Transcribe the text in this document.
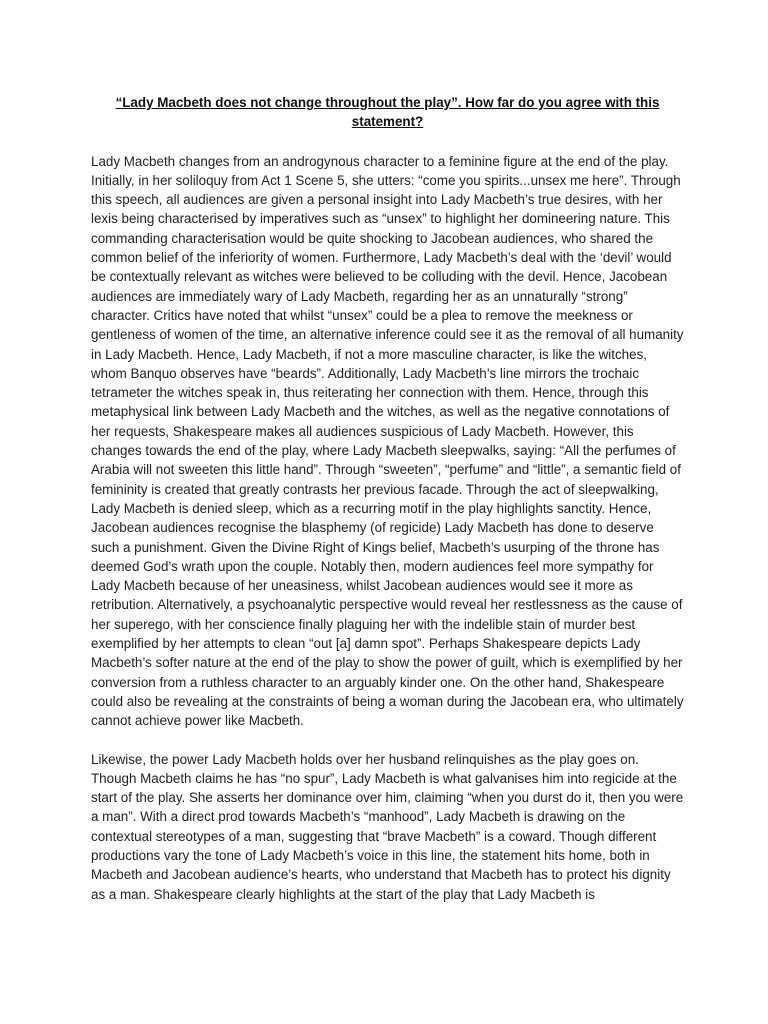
“Lady Macbeth does not change throughout the play”. How far do you agree with this statement?

Lady Macbeth changes from an androgynous character to a feminine figure at the end of the play. Initially, in her soliloquy from Act 1 Scene 5, she utters: “come you spirits...unsex me here”. Through this speech, all audiences are given a personal insight into Lady Macbeth’s true desires, with her lexis being characterised by imperatives such as “unsex” to highlight her domineering nature. This commanding characterisation would be quite shocking to Jacobean audiences, who shared the common belief of the inferiority of women. Furthermore, Lady Macbeth’s deal with the ‘devil’ would be contextually relevant as witches were believed to be colluding with the devil. Hence, Jacobean audiences are immediately wary of Lady Macbeth, regarding her as an unnaturally “strong” character. Critics have noted that whilst “unsex” could be a plea to remove the meekness or gentleness of women of the time, an alternative inference could see it as the removal of all humanity in Lady Macbeth. Hence, Lady Macbeth, if not a more masculine character, is like the witches, whom Banquo observes have “beards”. Additionally, Lady Macbeth’s line mirrors the trochaic tetrameter the witches speak in, thus reiterating her connection with them. Hence, through this metaphysical link between Lady Macbeth and the witches, as well as the negative connotations of her requests, Shakespeare makes all audiences suspicious of Lady Macbeth. However, this changes towards the end of the play, where Lady Macbeth sleepwalks, saying: “All the perfumes of Arabia will not sweeten this little hand”. Through “sweeten”, “perfume” and “little”, a semantic field of femininity is created that greatly contrasts her previous facade. Through the act of sleepwalking, Lady Macbeth is denied sleep, which as a recurring motif in the play highlights sanctity. Hence, Jacobean audiences recognise the blasphemy (of regicide) Lady Macbeth has done to deserve such a punishment. Given the Divine Right of Kings belief, Macbeth’s usurping of the throne has deemed God’s wrath upon the couple. Notably then, modern audiences feel more sympathy for Lady Macbeth because of her uneasiness, whilst Jacobean audiences would see it more as retribution. Alternatively, a psychoanalytic perspective would reveal her restlessness as the cause of her superego, with her conscience finally plaguing her with the indelible stain of murder best exemplified by her attempts to clean “out [a] damn spot”. Perhaps Shakespeare depicts Lady Macbeth’s softer nature at the end of the play to show the power of guilt, which is exemplified by her conversion from a ruthless character to an arguably kinder one. On the other hand, Shakespeare could also be revealing at the constraints of being a woman during the Jacobean era, who ultimately cannot achieve power like Macbeth.

Likewise, the power Lady Macbeth holds over her husband relinquishes as the play goes on. Though Macbeth claims he has “no spur”, Lady Macbeth is what galvanises him into regicide at the start of the play. She asserts her dominance over him, claiming “when you durst do it, then you were a man”. With a direct prod towards Macbeth’s “manhood”, Lady Macbeth is drawing on the contextual stereotypes of a man, suggesting that “brave Macbeth” is a coward. Though different productions vary the tone of Lady Macbeth’s voice in this line, the statement hits home, both in Macbeth and Jacobean audience’s hearts, who understand that Macbeth has to protect his dignity as a man. Shakespeare clearly highlights at the start of the play that Lady Macbeth is
